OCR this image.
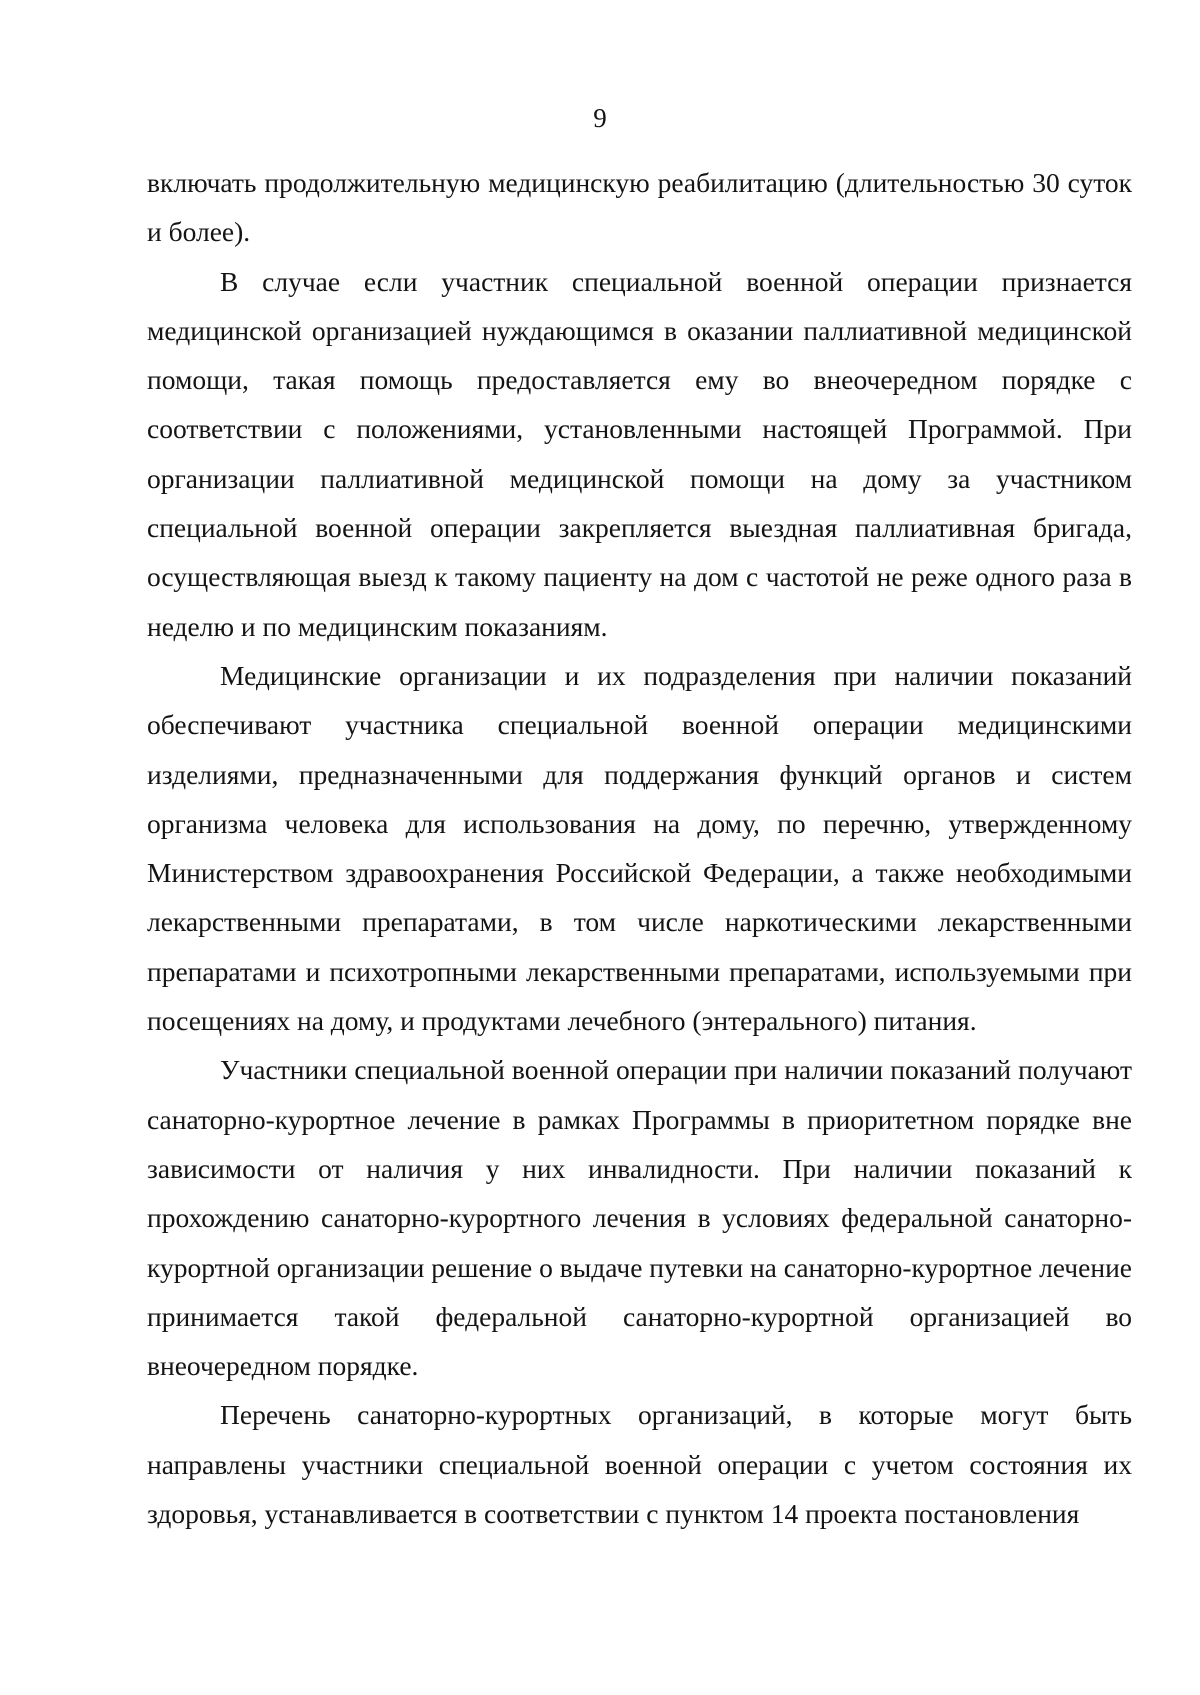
9

включать продолжительную медицинскую реабилитацию (длительностью 30 суток и более).

В случае если участник специальной военной операции признается медицинской организацией нуждающимся в оказании паллиативной медицинской помощи, такая помощь предоставляется ему во внеочередном порядке с соответствии с положениями, установленными настоящей Программой. При организации паллиативной медицинской помощи на дому за участником специальной военной операции закрепляется выездная паллиативная бригада, осуществляющая выезд к такому пациенту на дом с частотой не реже одного раза в неделю и по медицинским показаниям.

Медицинские организации и их подразделения при наличии показаний обеспечивают участника специальной военной операции медицинскими изделиями, предназначенными для поддержания функций органов и систем организма человека для использования на дому, по перечню, утвержденному Министерством здравоохранения Российской Федерации, а также необходимыми лекарственными препаратами, в том числе наркотическими лекарственными препаратами и психотропными лекарственными препаратами, используемыми при посещениях на дому, и продуктами лечебного (энтерального) питания.

Участники специальной военной операции при наличии показаний получают санаторно-курортное лечение в рамках Программы в приоритетном порядке вне зависимости от наличия у них инвалидности. При наличии показаний к прохождению санаторно-курортного лечения в условиях федеральной санаторно-курортной организации решение о выдаче путевки на санаторно-курортное лечение принимается такой федеральной санаторно-курортной организацией во внеочередном порядке.

Перечень санаторно-курортных организаций, в которые могут быть направлены участники специальной военной операции с учетом состояния их здоровья, устанавливается в соответствии с пунктом 14 проекта постановления
